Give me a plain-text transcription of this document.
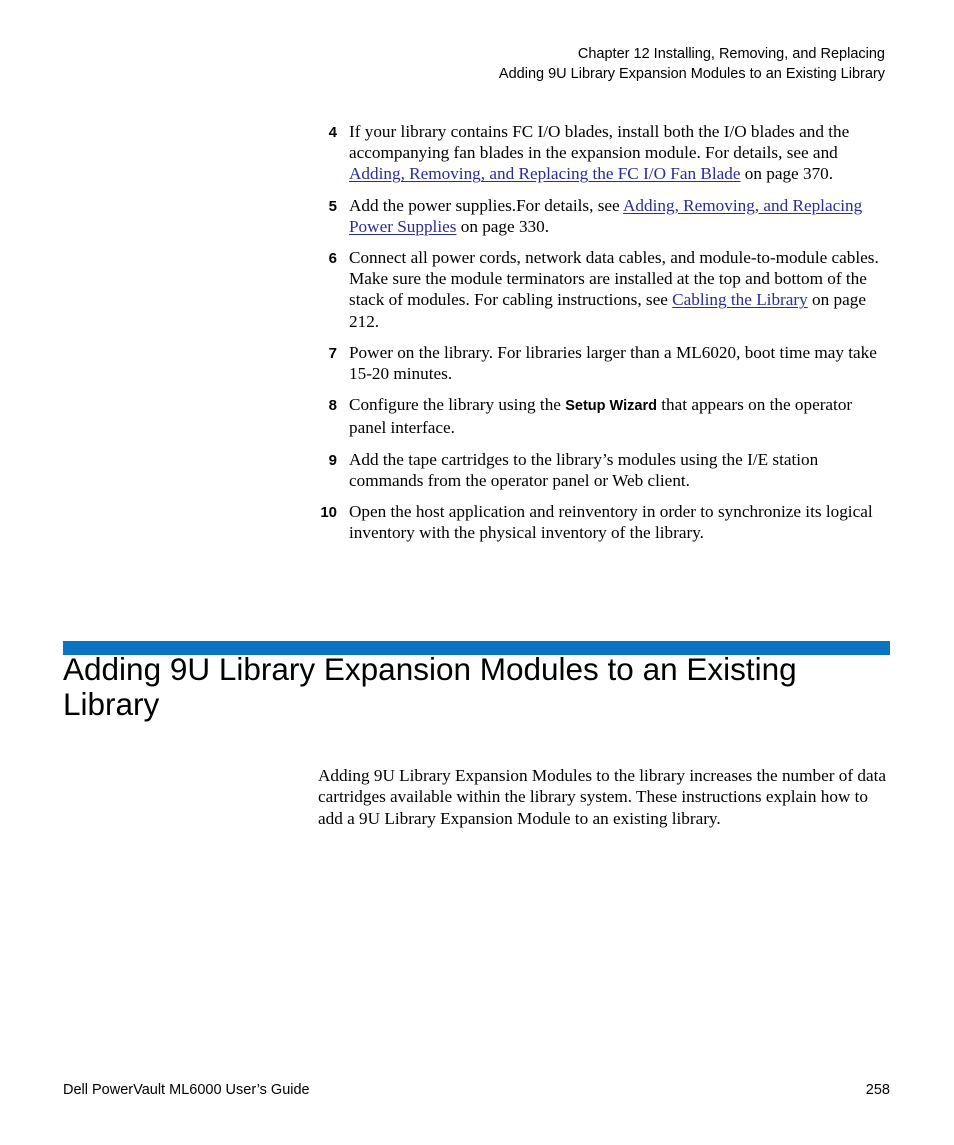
Chapter 12 Installing, Removing, and Replacing
Adding 9U Library Expansion Modules to an Existing Library
4 If your library contains FC I/O blades, install both the I/O blades and the accompanying fan blades in the expansion module. For details, see and Adding, Removing, and Replacing the FC I/O Fan Blade on page 370.
5 Add the power supplies.For details, see Adding, Removing, and Replacing Power Supplies on page 330.
6 Connect all power cords, network data cables, and module-to-module cables. Make sure the module terminators are installed at the top and bottom of the stack of modules. For cabling instructions, see Cabling the Library on page 212.
7 Power on the library. For libraries larger than a ML6020, boot time may take 15-20 minutes.
8 Configure the library using the Setup Wizard that appears on the operator panel interface.
9 Add the tape cartridges to the library’s modules using the I/E station commands from the operator panel or Web client.
10 Open the host application and reinventory in order to synchronize its logical inventory with the physical inventory of the library.
Adding 9U Library Expansion Modules to an Existing Library

Adding 9U Library Expansion Modules to the library increases the number of data cartridges available within the library system. These instructions explain how to add a 9U Library Expansion Module to an existing library.

Dell PowerVault ML6000 User’s Guide	258
